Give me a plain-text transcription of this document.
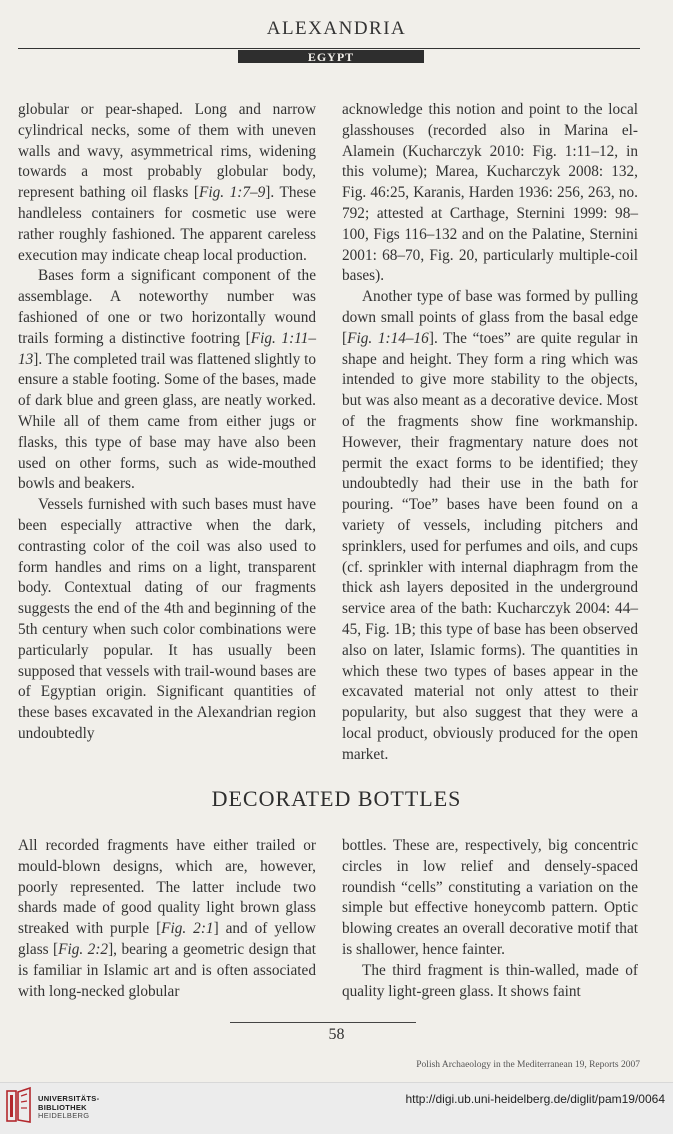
ALEXANDRIA
EGYPT

globular or pear-shaped. Long and narrow cylindrical necks, some of them with uneven walls and wavy, asymmetrical rims, widening towards a most probably globular body, represent bathing oil flasks [Fig. 1:7–9]. These handleless containers for cosmetic use were rather roughly fashioned. The apparent careless execution may indicate cheap local production.

Bases form a significant component of the assemblage. A noteworthy number was fashioned of one or two horizontally wound trails forming a distinctive footring [Fig. 1:11–13]. The completed trail was flattened slightly to ensure a stable footing. Some of the bases, made of dark blue and green glass, are neatly worked. While all of them came from either jugs or flasks, this type of base may have also been used on other forms, such as wide-mouthed bowls and beakers.

Vessels furnished with such bases must have been especially attractive when the dark, contrasting color of the coil was also used to form handles and rims on a light, transparent body. Contextual dating of our fragments suggests the end of the 4th and beginning of the 5th century when such color combinations were particularly popular. It has usually been supposed that vessels with trail-wound bases are of Egyptian origin. Significant quantities of these bases excavated in the Alexandrian region undoubtedly

acknowledge this notion and point to the local glasshouses (recorded also in Marina el-Alamein (Kucharczyk 2010: Fig. 1:11–12, in this volume); Marea, Kucharczyk 2008: 132, Fig. 46:25, Karanis, Harden 1936: 256, 263, no. 792; attested at Carthage, Sternini 1999: 98–100, Figs 116–132 and on the Palatine, Sternini 2001: 68–70, Fig. 20, particularly multiple-coil bases).

Another type of base was formed by pulling down small points of glass from the basal edge [Fig. 1:14–16]. The “toes” are quite regular in shape and height. They form a ring which was intended to give more stability to the objects, but was also meant as a decorative device. Most of the fragments show fine workmanship. However, their fragmentary nature does not permit the exact forms to be identified; they undoubtedly had their use in the bath for pouring. “Toe” bases have been found on a variety of vessels, including pitchers and sprinklers, used for perfumes and oils, and cups (cf. sprinkler with internal diaphragm from the thick ash layers deposited in the underground service area of the bath: Kucharczyk 2004: 44–45, Fig. 1B; this type of base has been observed also on later, Islamic forms). The quantities in which these two types of bases appear in the excavated material not only attest to their popularity, but also suggest that they were a local product, obviously produced for the open market.

DECORATED BOTTLES

All recorded fragments have either trailed or mould-blown designs, which are, however, poorly represented. The latter include two shards made of good quality light brown glass streaked with purple [Fig. 2:1] and of yellow glass [Fig. 2:2], bearing a geometric design that is familiar in Islamic art and is often associated with long-necked globular

bottles. These are, respectively, big concentric circles in low relief and densely-spaced roundish “cells” constituting a variation on the simple but effective honeycomb pattern. Optic blowing creates an overall decorative motif that is shallower, hence fainter.

The third fragment is thin-walled, made of quality light-green glass. It shows faint

58
Polish Archaeology in the Mediterranean 19, Reports 2007
UNIVERSITÄTS-
BIBLIOTHEK
HEIDELBERG
http://digi.ub.uni-heidelberg.de/diglit/pam19/0064
